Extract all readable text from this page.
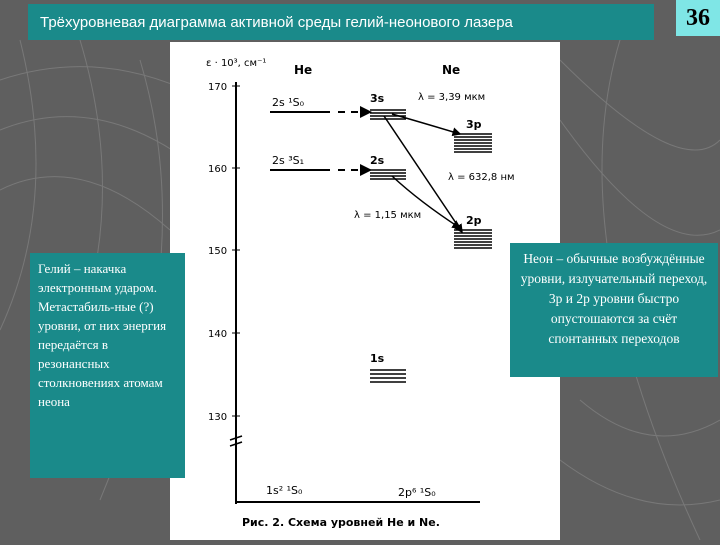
Трёхуровневая диаграмма активной среды гелий-неонового лазера	36
ε · 10³, см⁻¹ He	Ne
170
160
150
140
130
2s ¹S₀
2s ³S₁
3s
2s
3p
2p
1s
λ = 3,39 мкм
λ = 632,8 нм
λ = 1,15 мкм
1s² ¹S₀	2p⁶ ¹S₀
Рис. 2. Схема уровней He и Ne.
Гелий – накачка электронным ударом. Метастабиль-ные (?) уровни, от них энергия передаётся в резонансных столкновениях атомам неона
Неон – обычные возбуждённые уровни, излучательный переход, 3р и 2р уровни быстро опустошаются за счёт спонтанных переходов
